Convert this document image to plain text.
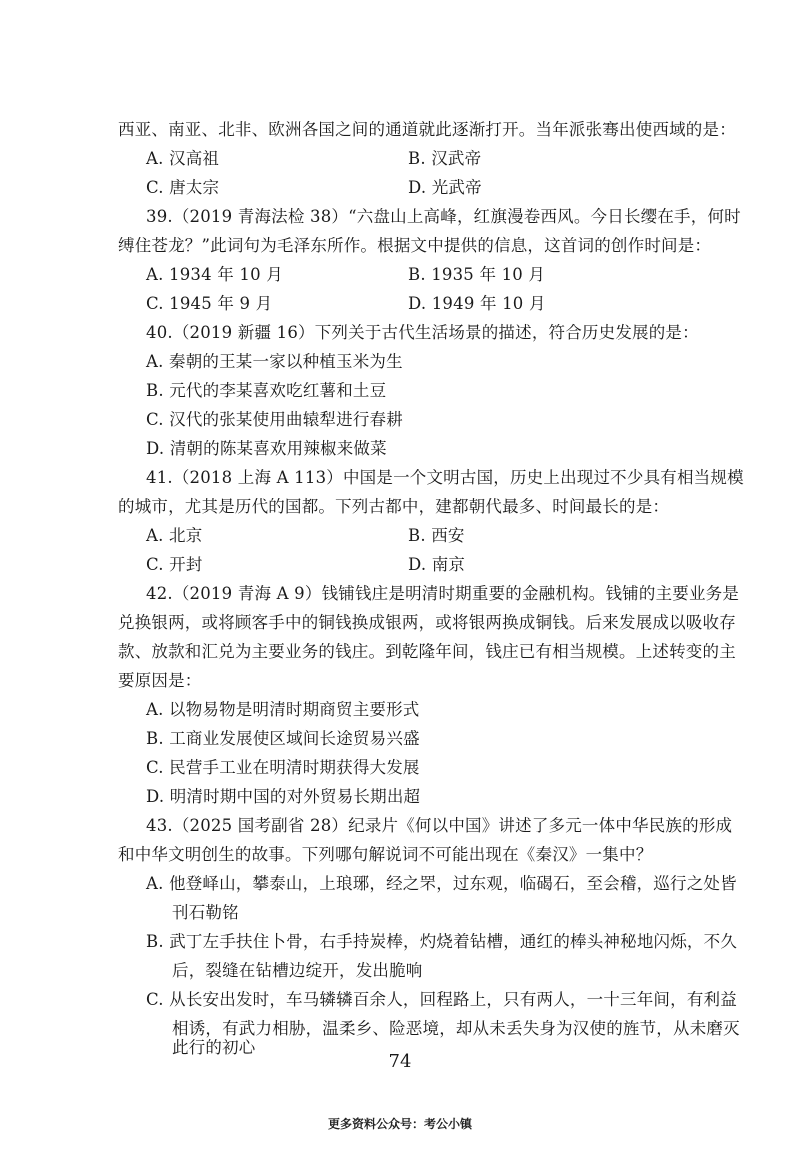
西亚、南亚、北非、欧洲各国之间的通道就此逐渐打开。当年派张骞出使西域的是：
A. 汉高祖	B. 汉武帝
C. 唐太宗	D. 光武帝
39.（2019 青海法检 38）“六盘山上高峰，红旗漫卷西风。今日长缨在手，何时
缚住苍龙？”此词句为毛泽东所作。根据文中提供的信息，这首词的创作时间是：
A. 1934 年 10 月	B. 1935 年 10 月
C. 1945 年 9 月	D. 1949 年 10 月
40.（2019 新疆 16）下列关于古代生活场景的描述，符合历史发展的是：
A. 秦朝的王某一家以种植玉米为生
B. 元代的李某喜欢吃红薯和土豆
C. 汉代的张某使用曲辕犁进行春耕
D. 清朝的陈某喜欢用辣椒来做菜
41.（2018 上海 A 113）中国是一个文明古国，历史上出现过不少具有相当规模
的城市，尤其是历代的国都。下列古都中，建都朝代最多、时间最长的是：
A. 北京	B. 西安
C. 开封	D. 南京
42.（2019 青海 A 9）钱铺钱庄是明清时期重要的金融机构。钱铺的主要业务是
兑换银两，或将顾客手中的铜钱换成银两，或将银两换成铜钱。后来发展成以吸收存
款、放款和汇兑为主要业务的钱庄。到乾隆年间，钱庄已有相当规模。上述转变的主
要原因是：
A. 以物易物是明清时期商贸主要形式
B. 工商业发展使区域间长途贸易兴盛
C. 民营手工业在明清时期获得大发展
D. 明清时期中国的对外贸易长期出超
43.（2025 国考副省 28）纪录片《何以中国》讲述了多元一体中华民族的形成
和中华文明创生的故事。下列哪句解说词不可能出现在《秦汉》一集中？
A. 他登峄山，攀泰山，上琅琊，经之罘，过东观，临碣石，至会稽，巡行之处皆
刊石勒铭
B. 武丁左手扶住卜骨，右手持炭棒，灼烧着钻槽，通红的棒头神秘地闪烁，不久
后，裂缝在钻槽边绽开，发出脆响
C. 从长安出发时，车马辚辚百余人，回程路上，只有两人，一十三年间，有利益
相诱，有武力相胁，温柔乡、险恶境，却从未丢失身为汉使的旌节，从未磨灭
此行的初心
74
更多资料公众号：考公小镇
